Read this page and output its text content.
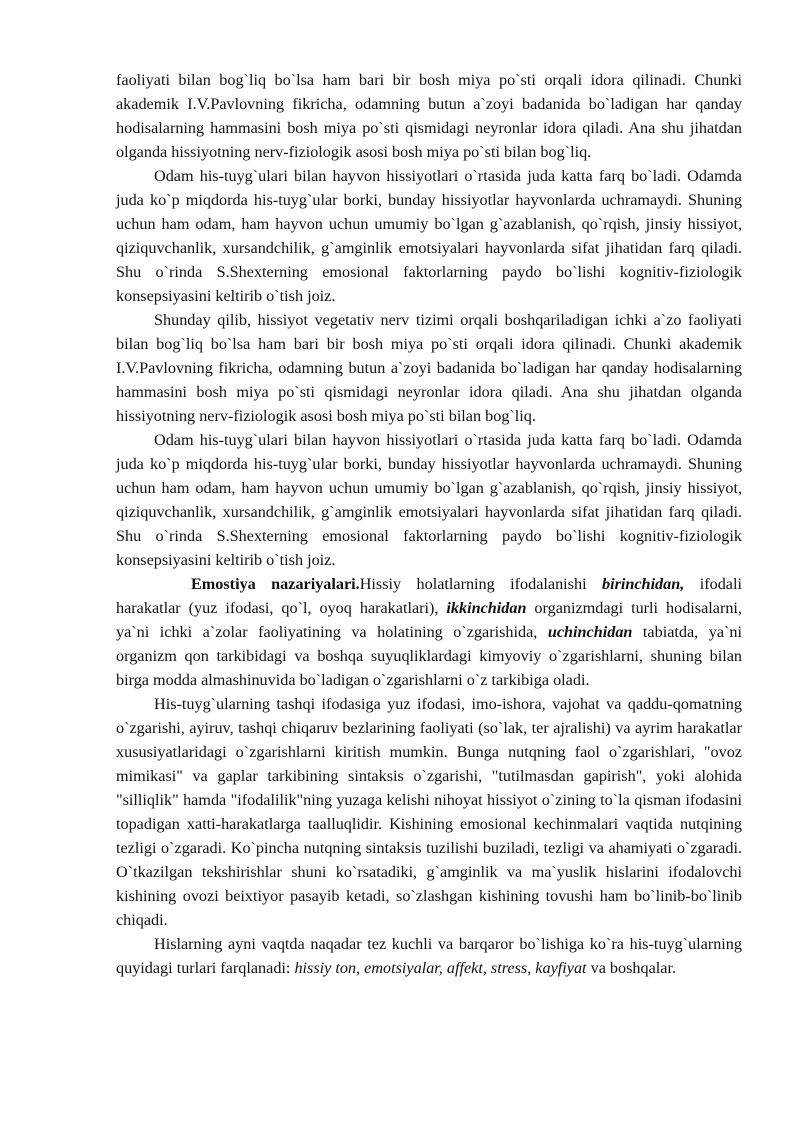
faoliyati bilan bog`liq bo`lsa ham bari bir bosh miya po`sti orqali idora qilinadi. Chunki akademik I.V.Pavlovning fikricha, odamning butun a`zoyi badanida bo`ladigan har qanday hodisalarning hammasini bosh miya po`sti qismidagi neyronlar idora qiladi. Ana shu jihatdan olganda hissiyotning nerv-fiziologik asosi bosh miya po`sti bilan bog`liq.

Odam his-tuyg`ulari bilan hayvon hissiyotlari o`rtasida juda katta farq bo`ladi. Odamda juda ko`p miqdorda his-tuyg`ular borki, bunday hissiyotlar hayvonlarda uchramaydi. Shuning uchun ham odam, ham hayvon uchun umumiy bo`lgan g`azablanish, qo`rqish, jinsiy hissiyot, qiziquvchanlik, xursandchilik, g`amginlik emotsiyalari hayvonlarda sifat jihatidan farq qiladi. Shu o`rinda S.Shexterning emosional faktorlarning paydo bo`lishi kognitiv-fiziologik konsepsiyasini keltirib o`tish joiz.

Shunday qilib, hissiyot vegetativ nerv tizimi orqali boshqariladigan ichki a`zo faoliyati bilan bog`liq bo`lsa ham bari bir bosh miya po`sti orqali idora qilinadi. Chunki akademik I.V.Pavlovning fikricha, odamning butun a`zoyi badanida bo`ladigan har qanday hodisalarning hammasini bosh miya po`sti qismidagi neyronlar idora qiladi. Ana shu jihatdan olganda hissiyotning nerv-fiziologik asosi bosh miya po`sti bilan bog`liq.

Odam his-tuyg`ulari bilan hayvon hissiyotlari o`rtasida juda katta farq bo`ladi. Odamda juda ko`p miqdorda his-tuyg`ular borki, bunday hissiyotlar hayvonlarda uchramaydi. Shuning uchun ham odam, ham hayvon uchun umumiy bo`lgan g`azablanish, qo`rqish, jinsiy hissiyot, qiziquvchanlik, xursandchilik, g`amginlik emotsiyalari hayvonlarda sifat jihatidan farq qiladi. Shu o`rinda S.Shexterning emosional faktorlarning paydo bo`lishi kognitiv-fiziologik konsepsiyasini keltirib o`tish joiz.

Emostiya nazariyalari.Hissiy holatlarning ifodalanishi birinchidan, ifodali harakatlar (yuz ifodasi, qo`l, oyoq harakatlari), ikkinchidan organizmdagi turli hodisalarni, ya`ni ichki a`zolar faoliyatining va holatining o`zgarishida, uchinchidan tabiatda, ya`ni organizm qon tarkibidagi va boshqa suyuqliklardagi kimyoviy o`zgarishlarni, shuning bilan birga modda almashinuvida bo`ladigan o`zgarishlarni o`z tarkibiga oladi.

His-tuyg`ularning tashqi ifodasiga yuz ifodasi, imo-ishora, vajohat va qaddu-qomatning o`zgarishi, ayiruv, tashqi chiqaruv bezlarining faoliyati (so`lak, ter ajralishi) va ayrim harakatlar xususiyatlaridagi o`zgarishlarni kiritish mumkin. Bunga nutqning faol o`zgarishlari, "ovoz mimikasi" va gaplar tarkibining sintaksis o`zgarishi, "tutilmasdan gapirish", yoki alohida "silliqlik" hamda "ifodalilik"ning yuzaga kelishi nihoyat hissiyot o`zining to`la qisman ifodasini topadigan xatti-harakatlarga taalluqlidir. Kishining emosional kechinmalari vaqtida nutqining tezligi o`zgaradi. Ko`pincha nutqning sintaksis tuzilishi buziladi, tezligi va ahamiyati o`zgaradi. O`tkazilgan tekshirishlar shuni ko`rsatadiki, g`amginlik va ma`yuslik hislarini ifodalovchi kishining ovozi beixtiyor pasayib ketadi, so`zlashgan kishining tovushi ham bo`linib-bo`linib chiqadi.

Hislarning ayni vaqtda naqadar tez kuchli va barqaror bo`lishiga ko`ra his-tuyg`ularning quyidagi turlari farqlanadi: hissiy ton, emotsiyalar, affekt, stress, kayfiyat va boshqalar.
